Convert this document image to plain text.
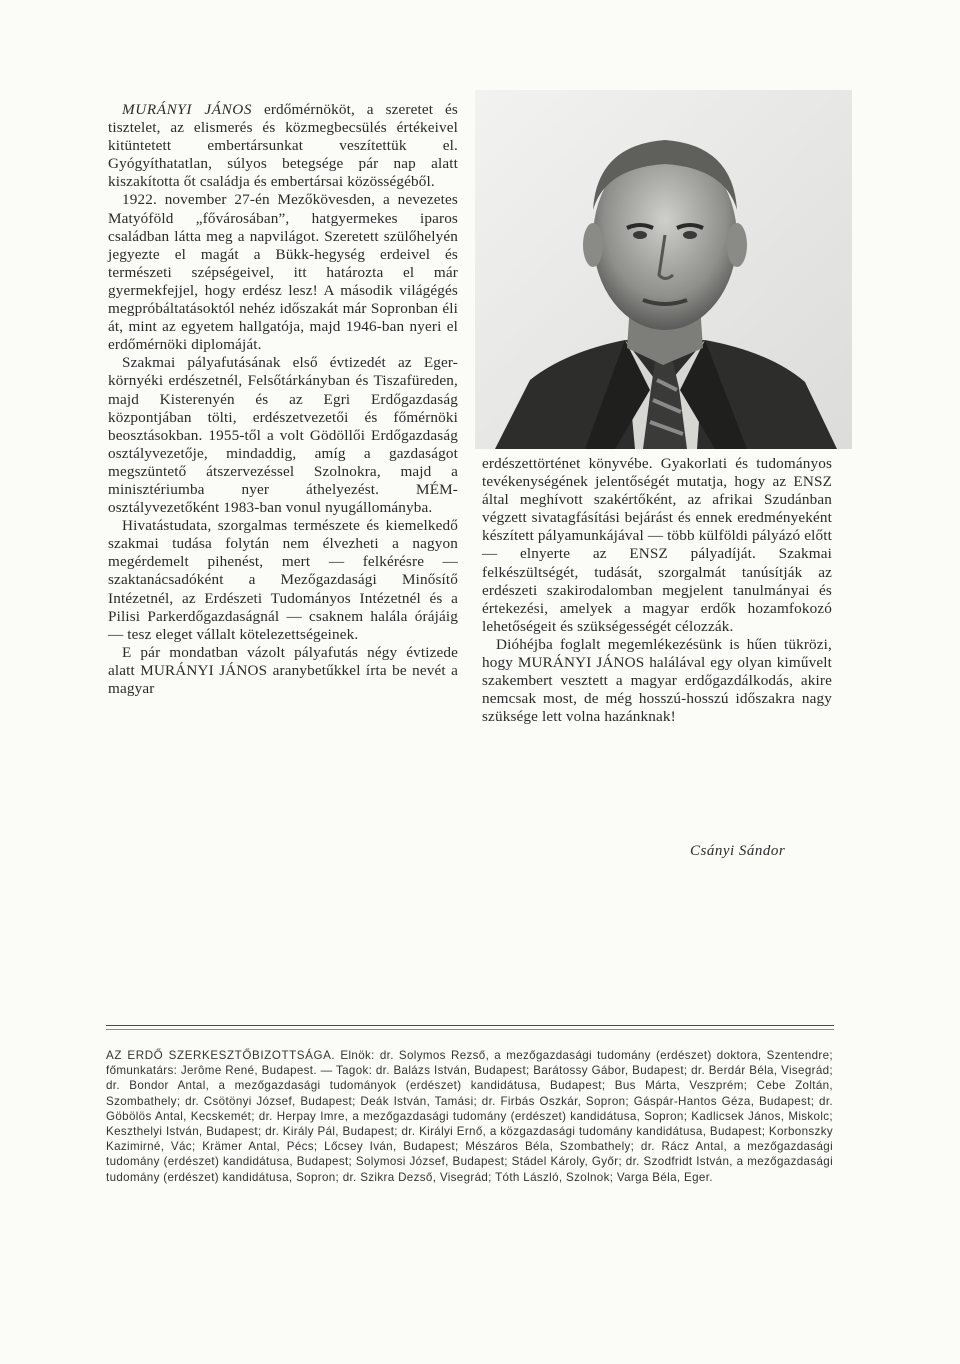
MURÁNYI JÁNOS erdőmérnököt, a szeretet és tisztelet, az elismerés és közmegbecsülés értékeivel kitüntetett embertársunkat veszítettük el. Gyógyíthatatlan, súlyos betegsége pár nap alatt kiszakította őt családja és embertársai közösségéből.

1922. november 27-én Mezőkövesden, a nevezetes Matyóföld „fővárosában”, hatgyermekes iparos családban látta meg a napvilágot. Szeretett szülőhelyén jegyezte el magát a Bükk-hegység erdeivel és természeti szépségeivel, itt határozta el már gyermekfejjel, hogy erdész lesz! A második világégés megpróbáltatásoktól nehéz időszakát már Sopronban éli át, mint az egyetem hallgatója, majd 1946-ban nyeri el erdőmérnöki diplomáját.

Szakmai pályafutásának első évtizedét az Eger-környéki erdészetnél, Felsőtárkányban és Tiszafüreden, majd Kisterenyén és az Egri Erdőgazdaság központjában tölti, erdészetvezetői és főmérnöki beosztásokban. 1955-től a volt Gödöllői Erdőgazdaság osztályvezetője, mindaddig, amíg a gazdaságot megszüntető átszervezéssel Szolnokra, majd a minisztériumba nyer áthelyezést. MÉM-osztályvezetőként 1983-ban vonul nyugállományba.

Hivatástudata, szorgalmas természete és kiemelkedő szakmai tudása folytán nem élvezheti a nagyon megérdemelt pihenést, mert — felkérésre — szaktanácsadóként a Mezőgazdasági Minősítő Intézetnél, az Erdészeti Tudományos Intézetnél és a Pilisi Parkerdőgazdaságnál — csaknem halála órájáig — tesz eleget vállalt kötelezettségeinek.

E pár mondatban vázolt pályafutás négy évtizede alatt MURÁNYI JÁNOS aranybetűkkel írta be nevét a magyar

erdészettörténet könyvébe. Gyakorlati és tudományos tevékenységének jelentőségét mutatja, hogy az ENSZ által meghívott szakértőként, az afrikai Szudánban végzett sivatagfásítási bejárást és ennek eredményeként készített pályamunkájával — több külföldi pályázó előtt — elnyerte az ENSZ pályadíját. Szakmai felkészültségét, tudását, szorgalmát tanúsítják az erdészeti szakirodalomban megjelent tanulmányai és értekezési, amelyek a magyar erdők hozamfokozó lehetőségeit és szükségességét célozzák.

Dióhéjba foglalt megemlékezésünk is hűen tükrözi, hogy MURÁNYI JÁNOS halálával egy olyan kiművelt szakembert vesztett a magyar erdőgazdálkodás, akire nemcsak most, de még hosszú-hosszú időszakra nagy szüksége lett volna hazánknak!

Csányi Sándor
AZ ERDŐ SZERKESZTŐBIZOTTSÁGA. Elnök: dr. Solymos Rezső, a mezőgazdasági tudomány (erdészet) doktora, Szentendre; főmunkatárs: Jerôme René, Budapest. — Tagok: dr. Balázs István, Budapest; Barátossy Gábor, Budapest; dr. Berdár Béla, Visegrád; dr. Bondor Antal, a mezőgazdasági tudományok (erdészet) kandidátusa, Budapest; Bus Márta, Veszprém; Cebe Zoltán, Szombathely; dr. Csötönyi József, Budapest; Deák István, Tamási; dr. Firbás Oszkár, Sopron; Gáspár-Hantos Géza, Budapest; dr. Göbölös Antal, Kecskemét; dr. Herpay Imre, a mezőgazdasági tudomány (erdészet) kandidátusa, Sopron; Kadlicsek János, Miskolc; Keszthelyi István, Budapest; dr. Király Pál, Budapest; dr. Királyi Ernő, a közgazdasági tudomány kandidátusa, Budapest; Korbonszky Kazimirné, Vác; Krämer Antal, Pécs; Lőcsey Iván, Budapest; Mészáros Béla, Szombathely; dr. Rácz Antal, a mezőgazdasági tudomány (erdészet) kandidátusa, Budapest; Solymosi József, Budapest; Stádel Károly, Győr; dr. Szodfridt István, a mezőgazdasági tudomány (erdészet) kandidátusa, Sopron; dr. Szikra Dezső, Visegrád; Tóth László, Szolnok; Varga Béla, Eger.
